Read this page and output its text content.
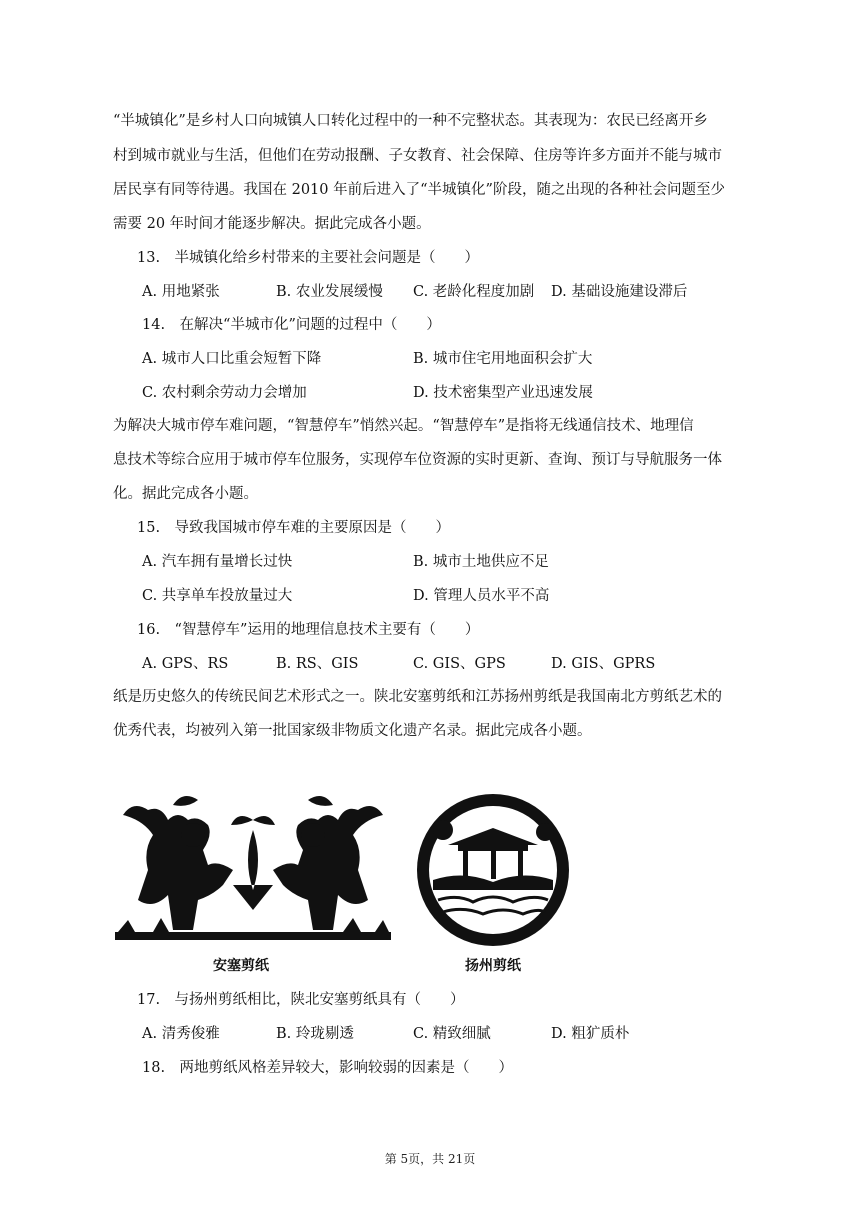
“半城镇化”是乡村人口向城镇人口转化过程中的一种不完整状态。其表现为：农民已经离开乡
村到城市就业与生活，但他们在劳动报酬、子女教育、社会保障、住房等许多方面并不能与城市
居民享有同等待遇。我国在 2010 年前后进入了“半城镇化”阶段，随之出现的各种社会问题至少
需要 20 年时间才能逐步解决。据此完成各小题。
13.　半城镇化给乡村带来的主要社会问题是（　　）
A. 用地紧张	B. 农业发展缓慢 C. 老龄化程度加剧 D. 基础设施建设滞后
14.　在解决“半城市化”问题的过程中（　　）
A. 城市人口比重会短暂下降	B. 城市住宅用地面积会扩大
C. 农村剩余劳动力会增加	D. 技术密集型产业迅速发展
为解决大城市停车难问题，“智慧停车”悄然兴起。“智慧停车”是指将无线通信技术、地理信
息技术等综合应用于城市停车位服务，实现停车位资源的实时更新、查询、预订与导航服务一体
化。据此完成各小题。
15.　导致我国城市停车难的主要原因是（　　）
A. 汽车拥有量增长过快	B. 城市土地供应不足
C. 共享单车投放量过大	D. 管理人员水平不高
16.　“智慧停车”运用的地理信息技术主要有（　　）
A. GPS、RS	B. RS、GIS	C. GIS、GPS	D. GIS、GPRS
纸是历史悠久的传统民间艺术形式之一。陕北安塞剪纸和江苏扬州剪纸是我国南北方剪纸艺术的
优秀代表，均被列入第一批国家级非物质文化遗产名录。据此完成各小题。
安塞剪纸	扬州剪纸
17.　与扬州剪纸相比，陕北安塞剪纸具有（　　）
A. 清秀俊雅	B. 玲珑剔透	C. 精致细腻	D. 粗犷质朴
18.　两地剪纸风格差异较大，影响较弱的因素是（　　）
第 5页，共 21页
